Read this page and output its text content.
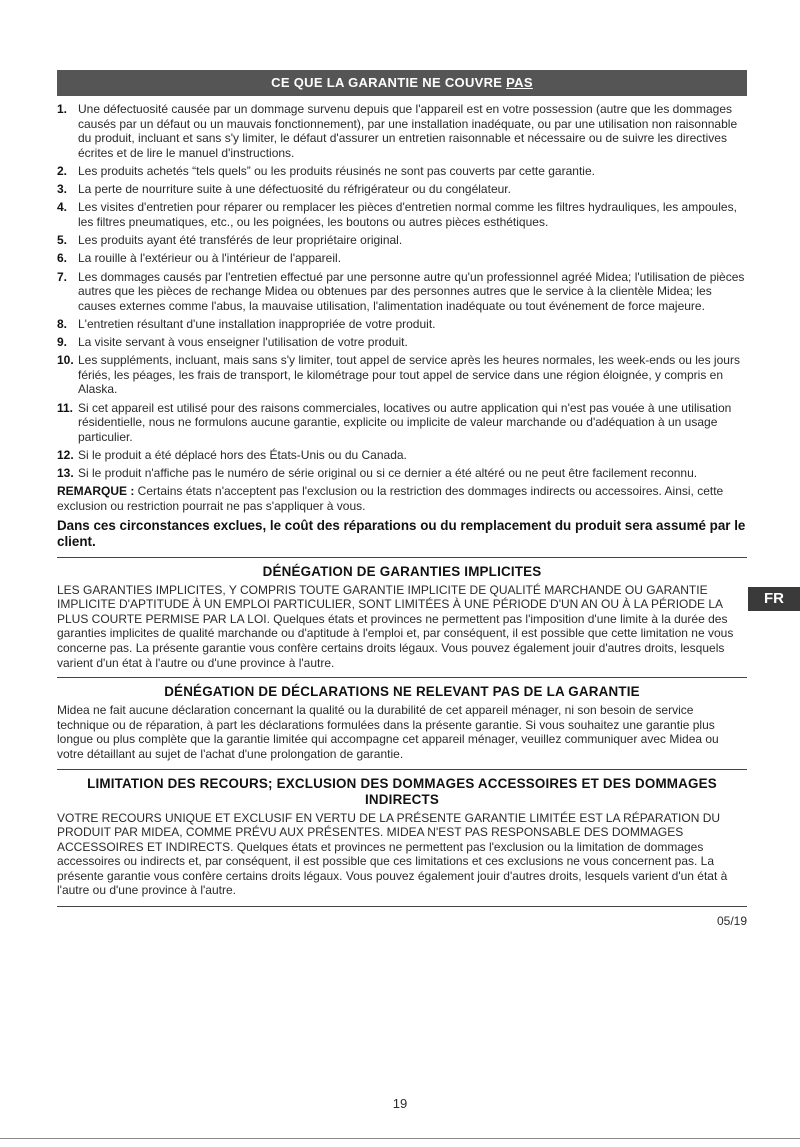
CE QUE LA GARANTIE NE COUVRE PAS
1. Une défectuosité causée par un dommage survenu depuis que l'appareil est en votre possession (autre que les dommages causés par un défaut ou un mauvais fonctionnement), par une installation inadéquate, ou par une utilisation non raisonnable du produit, incluant et sans s'y limiter, le défaut d'assurer un entretien raisonnable et nécessaire ou de suivre les directives écrites et de lire le manuel d'instructions.
2. Les produits achetés “tels quels” ou les produits réusinés ne sont pas couverts par cette garantie.
3. La perte de nourriture suite à une défectuosité du réfrigérateur ou du congélateur.
4. Les visites d'entretien pour réparer ou remplacer les pièces d'entretien normal comme les filtres hydrauliques, les ampoules, les filtres pneumatiques, etc., ou les poignées, les boutons ou autres pièces esthétiques.
5. Les produits ayant été transférés de leur propriétaire original.
6. La rouille à l'extérieur ou à l'intérieur de l'appareil.
7. Les dommages causés par l'entretien effectué par une personne autre qu'un professionnel agréé Midea; l'utilisation de pièces autres que les pièces de rechange Midea ou obtenues par des personnes autres que le service à la clientèle Midea; les causes externes comme l'abus, la mauvaise utilisation, l'alimentation inadéquate ou tout événement de force majeure.
8. L'entretien résultant d'une installation inappropriée de votre produit.
9. La visite servant à vous enseigner l'utilisation de votre produit.
10. Les suppléments, incluant, mais sans s'y limiter, tout appel de service après les heures normales, les week-ends ou les jours fériés, les péages, les frais de transport, le kilométrage pour tout appel de service dans une région éloignée, y compris en Alaska.
11. Si cet appareil est utilisé pour des raisons commerciales, locatives ou autre application qui n'est pas vouée à une utilisation résidentielle, nous ne formulons aucune garantie, explicite ou implicite de valeur marchande ou d'adéquation à un usage particulier.
12. Si le produit a été déplacé hors des États-Unis ou du Canada.
13. Si le produit n'affiche pas le numéro de série original ou si ce dernier a été altéré ou ne peut être facilement reconnu.
REMARQUE : Certains états n'acceptent pas l'exclusion ou la restriction des dommages indirects ou accessoires. Ainsi, cette exclusion ou restriction pourrait ne pas s'appliquer à vous.
Dans ces circonstances exclues, le coût des réparations ou du remplacement du produit sera assumé par le client.
DÉNÉGATION DE GARANTIES IMPLICITES

LES GARANTIES IMPLICITES, Y COMPRIS TOUTE GARANTIE IMPLICITE DE QUALITÉ MARCHANDE OU GARANTIE IMPLICITE D'APTITUDE À UN EMPLOI PARTICULIER, SONT LIMITÉES À UNE PÉRIODE D'UN AN OU À LA PÉRIODE LA PLUS COURTE PERMISE PAR LA LOI. Quelques états et provinces ne permettent pas l'imposition d'une limite à la durée des garanties implicites de qualité marchande ou d'aptitude à l'emploi et, par conséquent, il est possible que cette limitation ne vous concerne pas. La présente garantie vous confère certains droits légaux. Vous pouvez également jouir d'autres droits, lesquels varient d'un état à l'autre ou d'une province à l'autre.

DÉNÉGATION DE DÉCLARATIONS NE RELEVANT PAS DE LA GARANTIE

Midea ne fait aucune déclaration concernant la qualité ou la durabilité de cet appareil ménager, ni son besoin de service technique ou de réparation, à part les déclarations formulées dans la présente garantie. Si vous souhaitez une garantie plus longue ou plus complète que la garantie limitée qui accompagne cet appareil ménager, veuillez communiquer avec Midea ou votre détaillant au sujet de l'achat d'une prolongation de garantie.

LIMITATION DES RECOURS; EXCLUSION DES DOMMAGES ACCESSOIRES ET DES DOMMAGES INDIRECTS

VOTRE RECOURS UNIQUE ET EXCLUSIF EN VERTU DE LA PRÉSENTE GARANTIE LIMITÉE EST LA RÉPARATION DU PRODUIT PAR MIDEA, COMME PRÉVU AUX PRÉSENTES. MIDEA N'EST PAS RESPONSABLE DES DOMMAGES ACCESSOIRES ET INDIRECTS. Quelques états et provinces ne permettent pas l'exclusion ou la limitation de dommages accessoires ou indirects et, par conséquent, il est possible que ces limitations et ces exclusions ne vous concernent pas. La présente garantie vous confère certains droits légaux. Vous pouvez également jouir d'autres droits, lesquels varient d'un état à l'autre ou d'une province à l'autre.

05/19
FR
19
